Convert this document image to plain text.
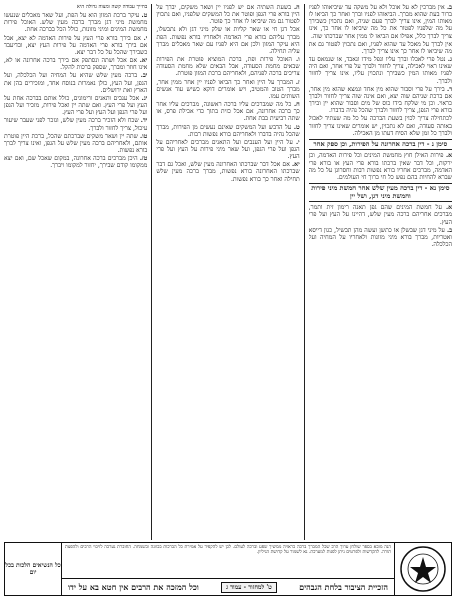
ב. אין מברכין לא על אוכל ולא על משקה עד שיביאוהו לפניו ברור בעת שהוא מברך. הביאוהו לפניו וברך ואחר כך הביאו לו מאותו המין, אינו צריך לברך פעם שניה, ואם נתכוין כשבירך על מה שלפניו לפטור את כל מה שיביאו לו אחר כך, אינו צריך לברך כלל, אפילו אם הביאו לו ממין אחר שברכתו שוה.

אין לברך על מאכל עד שהוא לפניו, ואם נתכוין לפטור גם את מה שיביאו לו אחר כך אינו צריך לברך.

ג. נטל פרי לאכלו וברך עליו ונפל מידו ונאבד, או שנמאס עד שאינו ראוי לאכילה, צריך לחזור ולברך על פרי אחר, ואם היה לפניו מאותו המין כשבירך ונתכוין עליו, אינו צריך לחזור ולברך.

ד. בירך על פרי וסבור שהוא מין אחד ונמצא שהוא מין אחר, אם ברכת שניהם שוה יצא, ואם אינה שוה צריך לחזור ולברך כראוי. וכן מי שלקח בידו כוס של מים וסבור שהוא יין ובירך בורא פרי הגפן, צריך לחזור ולברך שהכל נהיה בדברו.

לכתחילה צריך לכוין בשעת הברכה על כל מה שעתיד לאכול באותה סעודה, ואם לא נתכוין, יש אומרים שאינו צריך לחזור ולברך כל זמן שלא הסיח דעתו מן האכילה.

סימן נ - דין ברכה אחרונה על הפירות, וכן ספק אחר

א. פירות האילן חוץ מחמשת המינים וכל פירות האדמה, וכן ירקות, וכל דבר שאין ברכתו בורא פרי העץ או בורא פרי האדמה, מברכים אחריו בורא נפשות רבות וחסרונן על כל מה שברא להחיות בהם נפש כל חי ברוך חי העולמים.

סימן נא - דין ברכה מעין שלש אחר חמשת מיני פירות וחמשת מיני דגן, ושל יין

א. על חמשת המינים שהם גפן תאנה רימון זית ותמר, מברכים אחריהם ברכה מעין שלש, דהיינו על העץ ועל פרי העץ.

ב. על מיני דגן שבשלן או כתשן ועשה מהן תבשיל, כגון דייסא ואטריות, מברך בורא מיני מזונות ולאחריו על המחיה ועל הכלכלה.

ה. בשעת השתיה אם יש לפניו יין ושאר משקים, יברך על היין בורא פרי הגפן ופוטר את כל המשקים שלפניו, ואם נתכוין לפטור גם מה שיביאו לו אחר כך פוטר.

אכל דגן חי או שאר קליות או שלק מיני דגן ולא נתבשלו, מברך עליהם בורא פרי האדמה ולאחריו בורא נפשות. הפת היא עיקר המזון ולכן אם היא לפניו עם שאר מאכלים מברך עליה תחילה.

ו. האוכל פירות ופת, ברכת המוציא פוטרת את הפירות שבאים מחמת הסעודה, אבל הבאים שלא מחמת הסעודה צריכים ברכה לפניהם, ולאחריהם ברכת המזון פוטרת.

ז. המברך על היין ואחר כך הביאו לפניו יין אחר ממין אחר, מברך הטוב והמטיב, ויש אומרים דוקא כשיש עוד אנשים השותים עמו.

ח. כל מה שמברכים עליו ברכה ראשונה, מברכים עליו אחר כך ברכה אחרונה, אם אכל כזית בתוך כדי אכילת פרס, או שתה רביעית בבת אחת.

ט. על הדבש ועל המשקים שאינם נעשים מן הפירות, מברך שהכל נהיה בדברו ולאחריהם בורא נפשות רבות.

י. על היין ועל הענבים ועל התאנים מברכים לאחריהם על הגפן ועל פרי הגפן, ועל שאר מיני פירות על העץ ועל פרי העץ.

יא. אם אכל דבר שברכתו האחרונה מעין שלש, ואכל גם דבר שברכתו האחרונה בורא נפשות, מברך ברכה מעין שלש תחילה ואחר כך בורא נפשות.

בחייך עבודה קשה ומצוה גדולה היא

ט. עיקר ברכת המזון הוא על הפת, ועל שאר מאכלים שנעשו מחמשת מיני דגן מברך ברכה מעין שלש. האוכל פירות מחמשת המינים ומיני מזונות, כולל הכל בברכה אחת.

י. אם בירך בורא פרי העץ על פירות האדמה לא יצא, אבל אם בירך בורא פרי האדמה על פירות העץ יצא, ובדיעבד כשבירך שהכל על כל דבר יצא.

יא. אם אכל ושתה ונסתפק אם בירך ברכה אחרונה או לא, אינו חוזר ומברך, שספק ברכות להקל.

יב. ברכה מעין שלש שהיא על המחיה ועל הכלכלה, ועל הגפן, ועל העץ, כולן נאמרות בנוסח אחד, ומזכירים בהן את הארץ ואת ירושלים.

יג. אכל ענבים ותאנים ורימונים, כולל אותם בברכה אחת על העץ ועל פרי העץ. ואם שתה יין ואכל פירות, מזכיר ועל הגפן ועל פרי הגפן ועל העץ ועל פרי העץ.

יד. שכח ולא הזכיר ברכה מעין שלש, ונזכר לפני שעבר שיעור עיכול, צריך לחזור ולברך.

טו. שתה יין ושאר משקים שברכתם שהכל, ברכת היין פוטרת אותם, ולאחריהם ברכה מעין שלש על הגפן, ואינו צריך לברך בורא נפשות.

טז. היכן מברכים ברכה אחרונה, במקום שאכל שם, ואם יצא ממקומו קודם שבירך, יחזור למקומו ויברך.

הנה מובא בספר שולחן ערוך הרב שכל המברך ברכה כראויה ממשיך שפע וברכה לעולם. לכן יש להקפיד על אמירת כל הברכות בכוונה ובשמחה. החוברת נערכה לזיכוי הרבים ולהפצת תורה. להקדשות ולפרטים ניתן לפנות למערכת. נא לשמור על קדושת הגיליון.
הזכיית הציבור בלחת הגבהים
ט' למחזור - עמוד ג
וכל המזכה את הרבים אין חטא בא על ידו
כל הנשיאים הלכות בכל יום
